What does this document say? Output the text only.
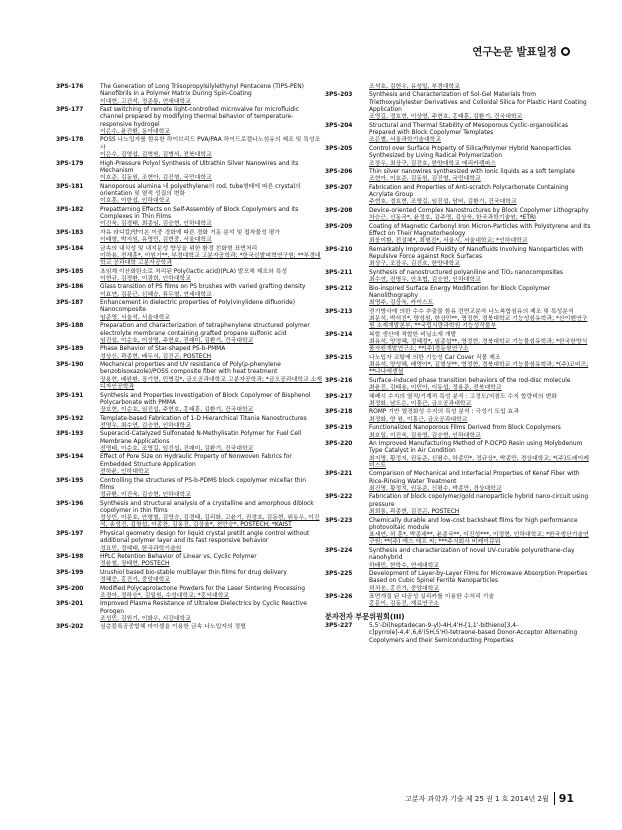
연구논문 발표일정
3PS-176	The Generation of Long Triisopropylsilylethynyl Pentacene (TIPS-PEN) Nanofibrils in a Polymer Matrix During Spin-Coating
이대현, 고건석, 정준통, 연세대학교
3PS-177	Fast switching of remote light-controlled microvalve for microfluidic channel prepared by modifying thermal behavior of temperature-responsive hydrogel
이은수, 윤진환, 동아대학교
3PS-178	POSS 나노입자를 함유한 하이브리드 PVA/PAA 하이드로겔나노섬유의 제조 및 특성조사
이은수, 김영섭, 김혁원, 김병석, 전북대학교
3PS-179	High-Pressure Polyol Synthesis of Ultrathin Silver Nanowires and its Mechanism
이호준, 김동원, 조현아, 김진형, 국민대학교
3PS-181	Nanoporous alumina 내 polyethylene의 rod, tube형태에 따른 crystal의 orientation 및 열적 성질의 변화
이호훈, 이한섭, 인하대학교
3PS-182	Prepatterning Effects on Self-Assembly of Block Copolymers and its Complexes in Thin Films
이진욱, 김경태, 최종임, 김승현, 인하대학교
3PS-183	자유 라디칼/양이온 이중 경화에 따른 경화 거동 분석 및 접착물성 평가
이태형, 박지원, 유영민, 김현중, 서울대학교
3PS-184	금속의 내식성 및 내지문성 향상을 위한 환경 친화형 표면처리
이하용, 전재훈*, 이원기**, 부경대학교 고분자공학과; *한국신발피혁연구원; **부경대학교 공과대학 고분자공학과
3PS-185	초임계 이산화탄소로 처리된 Poly(lactic acid)(PLA) 발포체 제조와 특성
이현규, 김경환, 이광희, 인하대학교
3PS-186	Glass transition of PS films on PS brushes with varied grafting density
이효연, 김문근, 신혜승, 류두열, 연세대학교
3PS-187	Enhancement in dielectric properties of Poly(vinylidene difluoride) Nanocomposite
임준영, 서울석, 서울대학교
3PS-188	Preparation and characterization of tetraphenylene structured polymer electrolyte membrane containing grafted propane sulfonic acid
임진섭, 이순호, 이상영, 주현호, 진래미, 김환기, 건국대학교
3PS-189	Phase Behavior of Star-shaped PS-b-PMMA
정상신, 곽종현, 배두식, 김진곤, POSTECH
3PS-190	Mechanical properties and UV resistance of Poly(p-phenylene benzobisoxazole)/POSS composite fiber with heat treatment
장용현, 배완환, 장기현, 민병길*, 금오공과대학교 고분자공학과; *금오공과대학교 소재디자인공학과
3PS-191	Synthesis and Properties Investigation of Block Copolymer of Bisphenol Polycarbonate with PMMA
장호현, 이순호, 임진섭, 주현호, 홍태훈, 김환기, 건국대학교
3PS-192	Template-based Fabrication of 1-D Hierarchical Titania Nanostructures
전명우, 최수연, 김승현, 인하대학교
3PS-193	Superacid-Catalyzed Sulfonated N-Methylisatin Polymer for Fuel Cell Membrane Applications
전영태, 이순호, 조영길, 임진섭, 진래미, 김환기, 건국대학교
3PS-194	Effect of Pore Size on Hydraulic Property of Nonwoven Fabrics for Embedded Structure Application
전하윤, 인하대학교
3PS-195	Controlling the structures of PS-b-PDMS block copolymer micellar thin films
정규환, 이진욱, 김승현, 인하대학교
3PS-196	Synthesis and structural analysis of a crystalline and amorphous diblock copolymer in thin films
정상민, 이문호, 안형철, 김영승, 김경태, 김리화, 고윤기, 권경호, 김동현, 위동우, 이진석, 송성진, 김창섭, 이종찬, 김동진, 김상율*, 천만승*, POSTECH; *KAIST
3PS-197	Physical geometry design for liquid crystal pretilt angle control without additional polymer layer and its fast responsive behavior
정요민, 정혜태, 한국과학기술원
3PS-198	HPLC Retention Behavior of Linear vs, Cyclic Polymer
정윤철, 장태현, POSTECH
3PS-199	Urushiol based bio-stable multilayer thin films for drug delivery
정혜증, 홍진기, 중앙대학교
3PS-200	Modified Polycaprolactone Powders for the Laser Sintering Processing
조경아, 정하승*, 김일원, 수성대학교; *홍익대학교
3PS-201	Improved Plasma Resistance of Ultralow Dielectrics by Cyclic Reactive Porogen
조성민, 김원기, 이화우, 서강대학교
3PS-202	심층블록공중합체 마이셀을 이용한 금속 나노입자의 정렬
조석호, 김현우, 유성일, 부경대학교
3PS-203	Synthesis and Characterization of Sol-Gel Materials from Triethoxysilylester Derivatives and Colloidal Silica for Plastic Hard Coating Application
조영길, 정호현, 이상영, 주현호, 홍태훈, 김환기, 건국대학교
3PS-204	Structural and Thermal Stability of Mesoporous Cyclic-organosilicas Prepared with Block Copolymer Templates
조은별, 서울과학기술대학교
3PS-205	Control over Surface Property of Silica/Polymer Hybrid Nanoparticles Synthesized by Living Radical Polymerization
조장우, 최상구, 김진호, 한양대학교 에리카캠퍼스
3PS-206	Thin silver nanowires synthesized with ionic liquids as a soft template
조현아, 이호준, 김동원, 김진형, 국민대학교
3PS-207	Fabrication and Properties of Anti-scratch Polycarbonate Containing Acrylate Group
주현호, 정호현, 조영길, 임진섭, 담비, 김환기, 건국대학교
3PS-208	Device-oriented Complex Nanostructures by Block Copolymer Lithography
차승근, 신동국*, 윤정호, 김주영, 김상욱, 한국과학기술원; *ETRI
3PS-209	Coating of Magnetic Carbonyl Iron Micron-Particles with Polystyrene and Its Effect on Their Magnetorheology
최웅이환, 전설혜*, 최형진*, 서울시, 서울대학교; *인하대학교
3PS-210	Remarkably Improved Fluidity of Nanofluids Involving Nanoparticles with Repulsive Force against Rock Surfaces
최상구, 조장우, 김진호, 한양대학교
3PS-211	Synthesis of nanostructured polyaniline and TiO₂ nanocomposites
최수연, 전명우, 안초협, 김승현, 인하대학교
3PS-212	Bio-inspired Surface Energy Modification for Block Copolymer Nanolithography
최영주, 김상욱, 카이스트
3PS-213	전기방사에 의한 수수 추출물 함유 전면교분자 나노복합섬유의 제조 및 특성분석
최문석, 박석진*, 양성원, 한상민**, 명정현, 경북대학교 기능성섬유학과; *산이벤연구원 소재개발본부; **국립식량과학원 기능성작물부
3PS-214	복합 생산에 적합한 비닐소재 개발
최유석, 양정혜, 정혜정*, 임종섭**, 영정현, 경북대학교 기능물섬유학과; *한국한방식품자원개발연구소; **(주)경동원연구소
3PS-215	나노입자 코팅에 의한 기능성 Car Cover 직물 제조
최유석, 양성혜, 배영아*, 김형상**, 영정현, 경북대학교 기능물섬유학과; *(주)코비즈; **나나에센셜
3PS-216	Surface-induced phase transition behaviors of the rod-disc molecule
최윤진, 김태용, 이민아, 이동섭, 정용준, 전북대학교
3PS-217	혜폐시 수지의 열적/기계적 특성 분석 : 고정도/저점도 수지 합량비의 변화
최정화, 남도은, 이흥근, 금오공과대학교
3PS-218	ROMP 기반 열경화성 수지의 특성 분석 : 극성기 도입 효과
최정화, 양 왕, 이흥근, 금오공과대학교
3PS-219	Functionalized Nanoporous Films Derived from Block Copolymers
최호일, 이진욱, 김육영, 김승현, 인하대학교
3PS-220	An Improved Manufacturing Method of P-DCPD Resin using Molybdenum Type Catalyst in Air Condition
최지명, 황정지, 권동준, 신평수, 하종민*, 정규상*, 박종만, 경상대학교; *(주)도레이케미스트
3PS-221	Comparison of Mechanical and Interfacial Properties of Kenaf Fiber with Rice-Rinsing Water Treatment
최진명, 황정지, 권동준, 신평수, 박종만, 경상대학교
3PS-222	Fabrication of block copolymer/gold nanoparticle hybrid nano-circuit using pressure
최희통, 곽종현, 김진곤, POSTECH
3PS-223	Chemically durable and low-cost backsheet films for high performance photovoltaic module
표세연, 허 훈*, 박종세**, 윤종국**, 이진성***, 이정현, 인하대학교; *한국생산기술연구원; **(주) 에스 에프 씨; ***주식회사 비케이큐워
3PS-224	Synthesis and characterization of novel UV-curable polyurethane-clay nanohybrid
하태민, 한학수, 연세대학교
3PS-225	Development of Layer-by-Layer Films for Microwave Absorption Properties Based on Cubic Spinel Ferrite Nanoparticles
허치웅, 홍진기, 중앙대학교
3PS-226	표면개질 된 다공성 실리카를 이용한 수처리 기술
홍문이, 김동진, 재료연구소
분자전자 부문위원회(III)
3PS-227	5,5'-Di(heptadecan-9-yl)-4H,4'H-[1,1'-bithieno[3,4-c]pyrrole]-4,4',6,6'(5H,5'H)-tetraone-based Donor-Acceptor Alternating Copolymers and their Semiconducting Properties
고분자 과학과 기술 제 25 권 1 호 2014년 2월 91
